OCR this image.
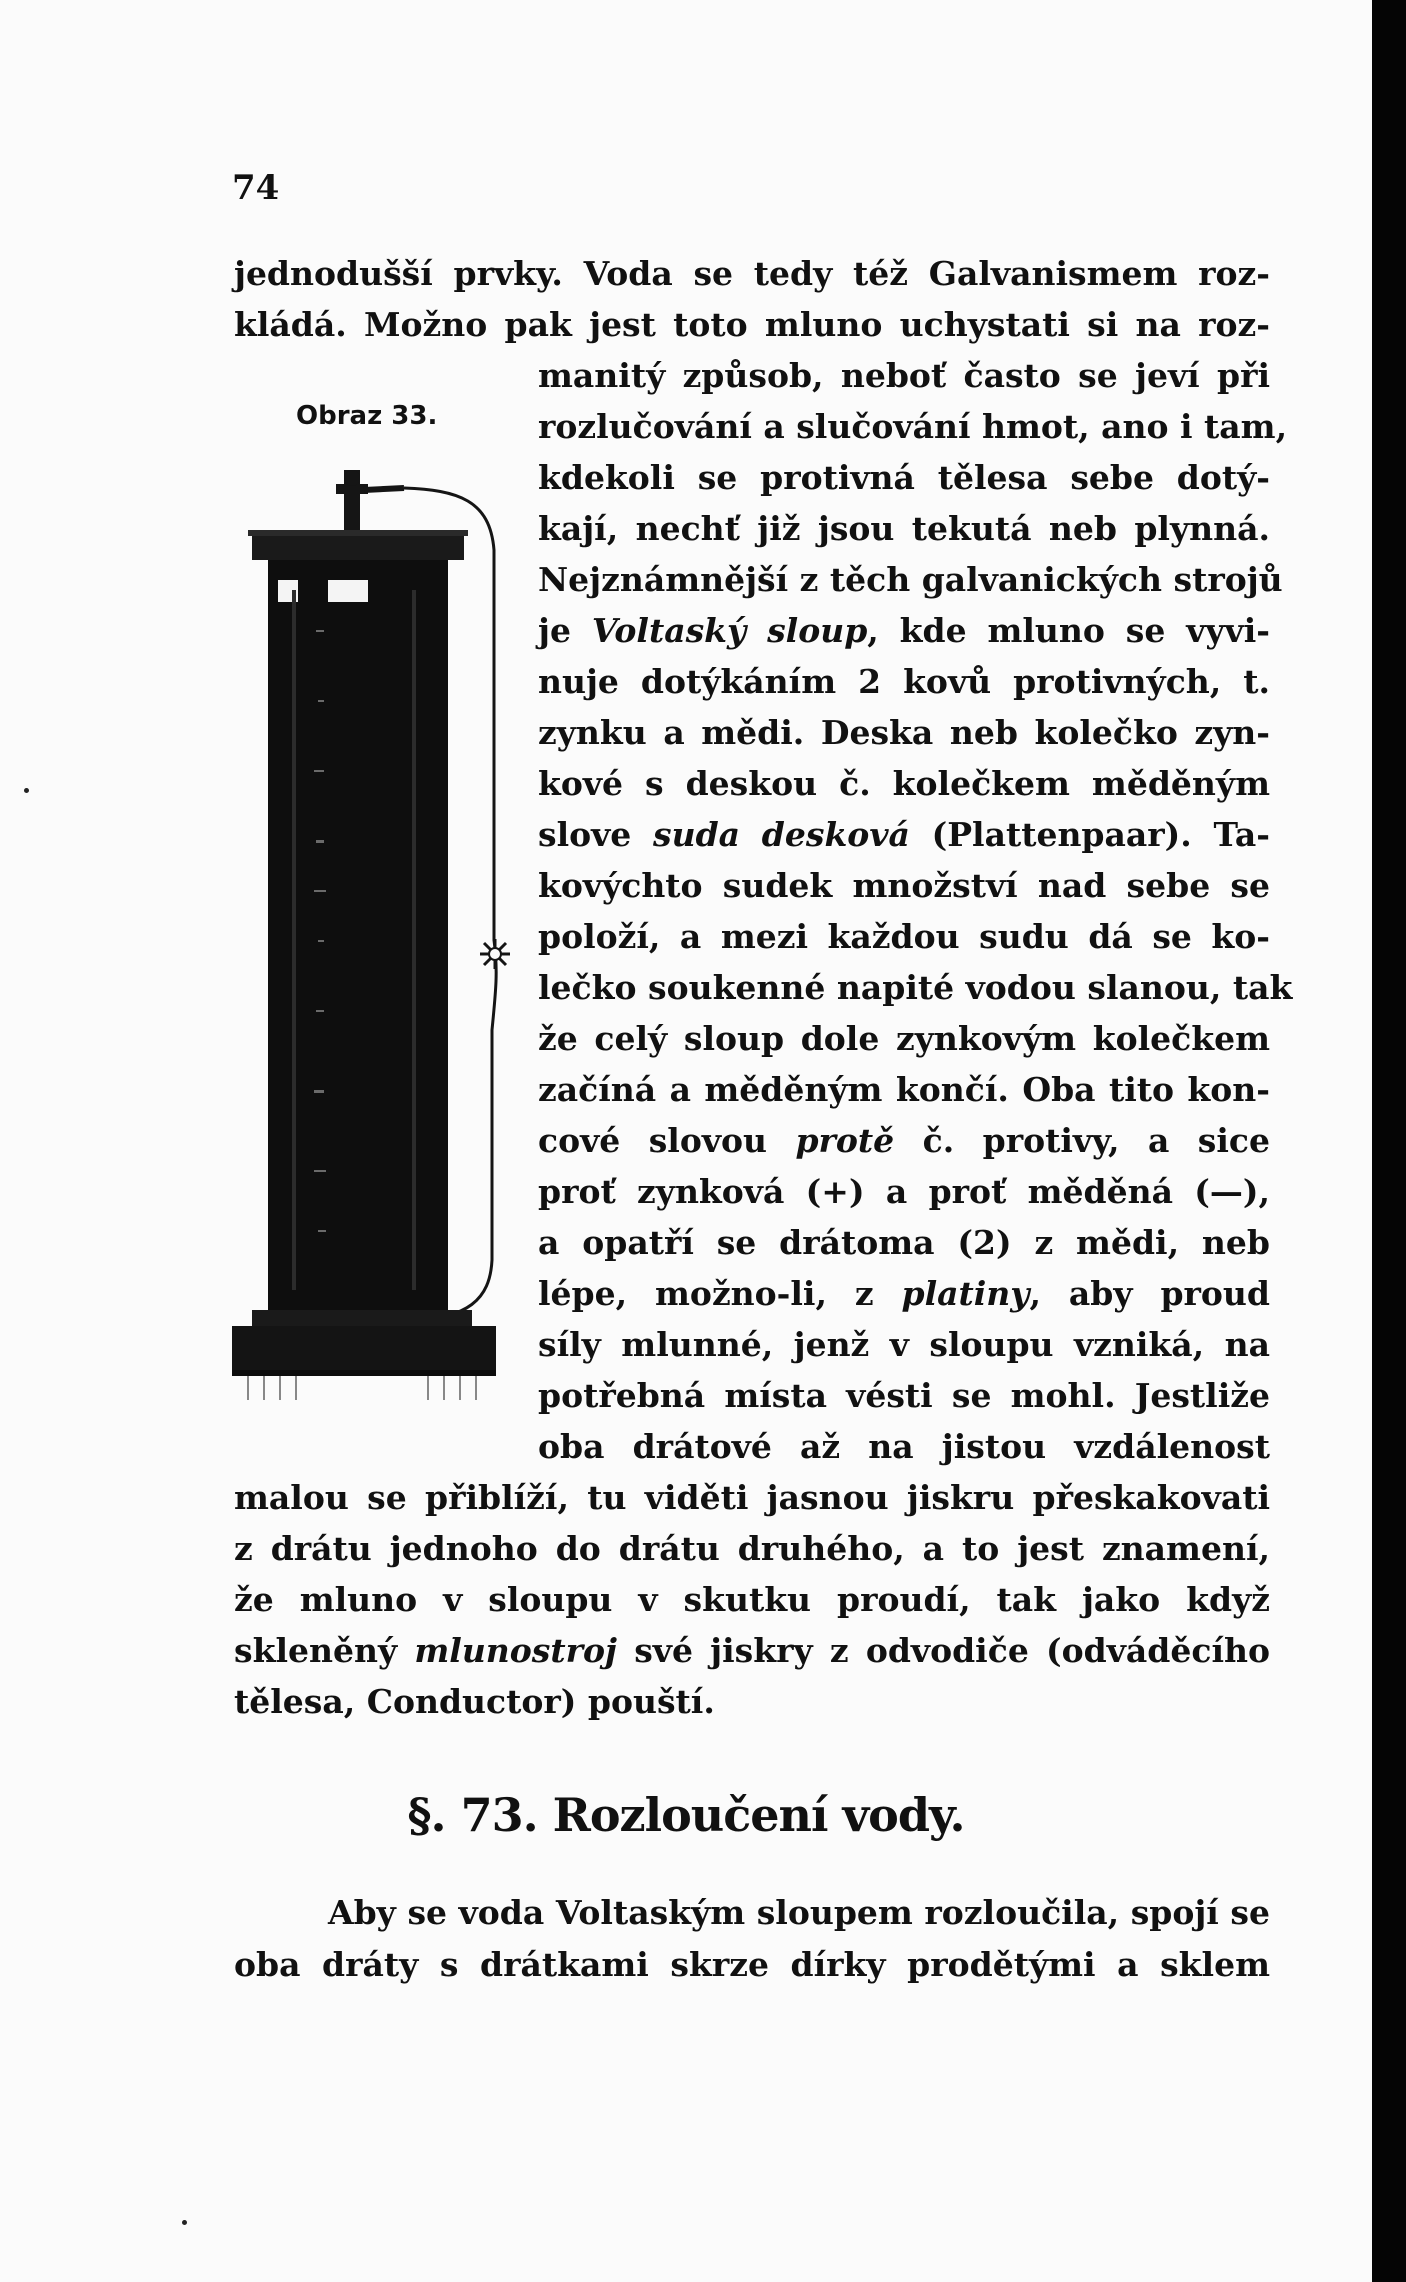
74
Obraz 33.

jednodušší prvky. Voda se tedy též Galvanismem roz-

kládá. Možno pak jest toto mluno uchystati si na roz-

manitý způsob, neboť často se jeví při

rozlučování a slučování hmot, ano i tam,

kdekoli se protivná tělesa sebe dotý-

kají, nechť již jsou tekutá neb plynná.

Nejznámnější z těch galvanických strojů

je Voltaský sloup, kde mluno se vyvi-

nuje dotýkáním 2 kovů protivných, t.

zynku a mědi. Deska neb kolečko zyn-

kové s deskou č. kolečkem měděným

slove suda desková (Plattenpaar). Ta-

kovýchto sudek množství nad sebe se

položí, a mezi každou sudu dá se ko-

lečko soukenné napité vodou slanou, tak

že celý sloup dole zynkovým kolečkem

začíná a měděným končí. Oba tito kon-

cové slovou protě č. protivy, a sice

proť zynková (+) a proť měděná (—),

a opatří se drátoma (2) z mědi, neb

lépe, možno-li, z platiny, aby proud

síly mlunné, jenž v sloupu vzniká, na

potřebná místa vésti se mohl. Jestliže

oba drátové až na jistou vzdálenost

malou se přiblíží, tu viděti jasnou jiskru přeskakovati

z drátu jednoho do drátu druhého, a to jest znamení,

že mluno v sloupu v skutku proudí, tak jako když

skleněný mlunostroj své jiskry z odvodiče (odváděcího

tělesa, Conductor) pouští.

§. 73. Rozloučení vody.

Aby se voda Voltaským sloupem rozloučila, spojí se

oba dráty s drátkami skrze dírky prodětými a sklem
